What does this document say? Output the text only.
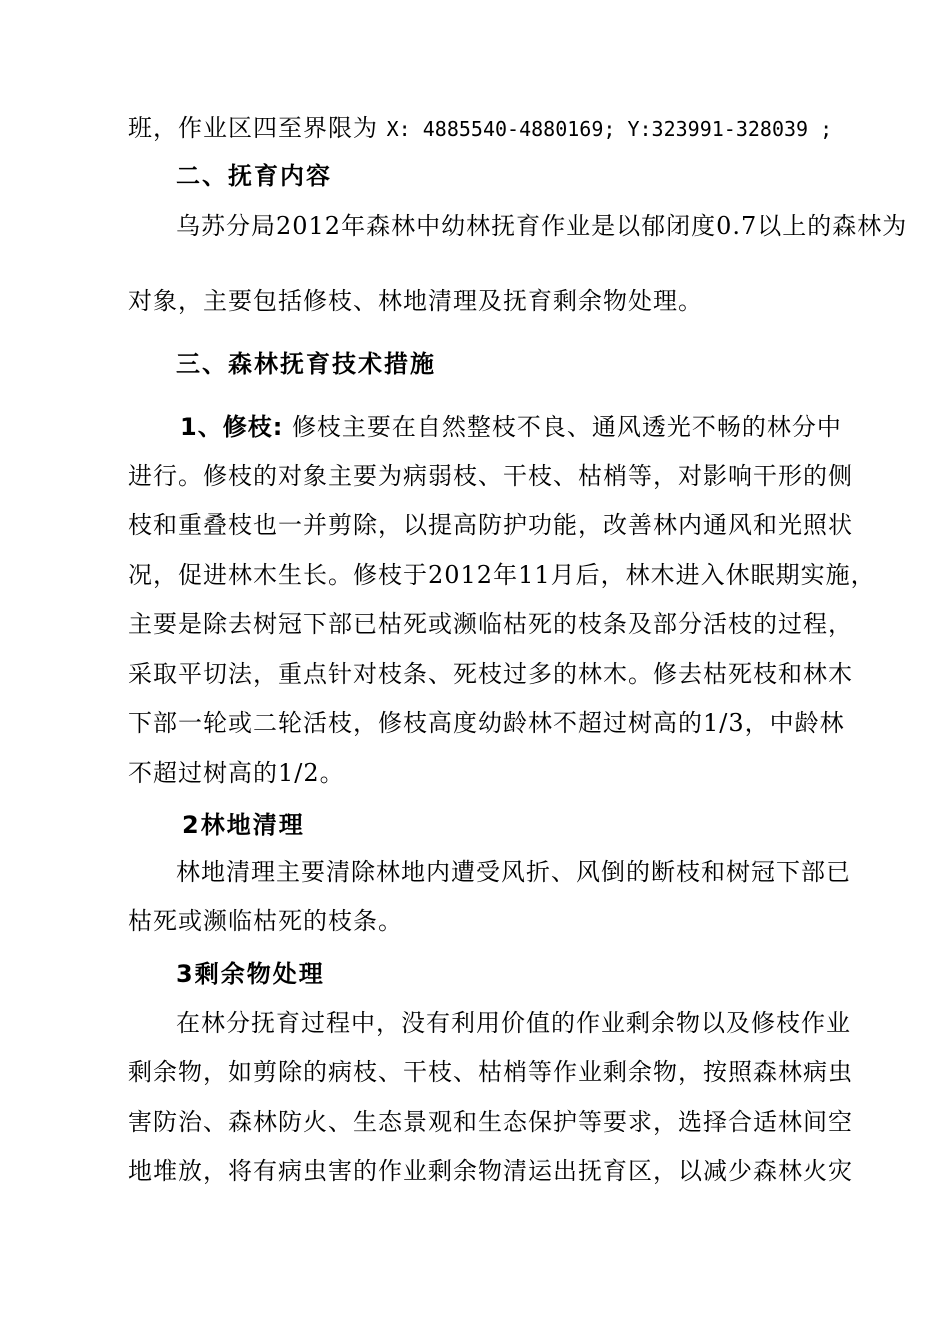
班，作业区四至界限为 X: 4885540-4880169; Y:323991-328039 ;
二、抚育内容
乌苏分局2012年森林中幼林抚育作业是以郁闭度0.7以上的森林为
对象，主要包括修枝、林地清理及抚育剩余物处理。
三、森林抚育技术措施
1、修枝: 修枝主要在自然整枝不良、通风透光不畅的林分中
进行。修枝的对象主要为病弱枝、干枝、枯梢等，对影响干形的侧
枝和重叠枝也一并剪除，以提高防护功能，改善林内通风和光照状
况，促进林木生长。修枝于2012年11月后，林木进入休眠期实施，
主要是除去树冠下部已枯死或濒临枯死的枝条及部分活枝的过程，
采取平切法，重点针对枝条、死枝过多的林木。修去枯死枝和林木
下部一轮或二轮活枝，修枝高度幼龄林不超过树高的1/3，中龄林
不超过树高的1/2。
2林地清理
林地清理主要清除林地内遭受风折、风倒的断枝和树冠下部已
枯死或濒临枯死的枝条。
3剩余物处理
在林分抚育过程中，没有利用价值的作业剩余物以及修枝作业
剩余物，如剪除的病枝、干枝、枯梢等作业剩余物，按照森林病虫
害防治、森林防火、生态景观和生态保护等要求，选择合适林间空
地堆放，将有病虫害的作业剩余物清运出抚育区，以减少森林火灾
